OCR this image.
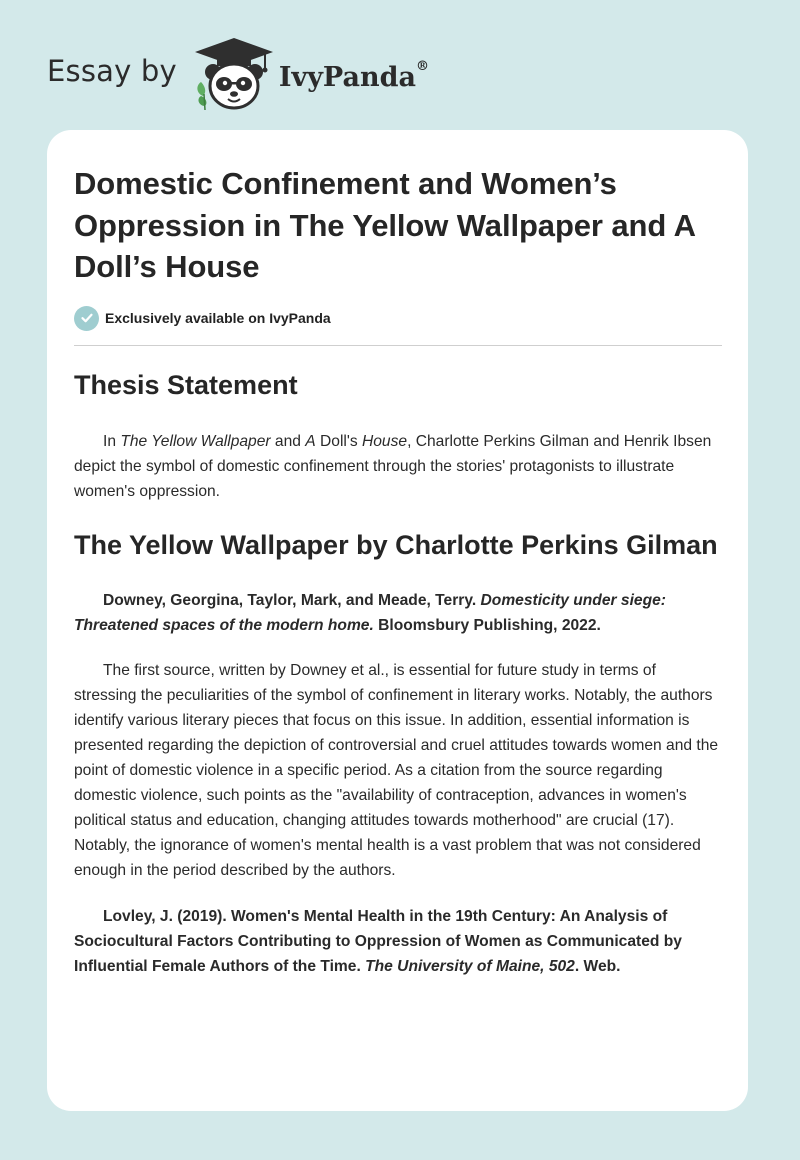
Essay by	IvyPanda®
Domestic Confinement and Women’s Oppression in The Yellow Wallpaper and A Doll’s House
Exclusively available on IvyPanda
Thesis Statement

In The Yellow Wallpaper and A Doll's House, Charlotte Perkins Gilman and Henrik Ibsen depict the symbol of domestic confinement through the stories' protagonists to illustrate women's oppression.

The Yellow Wallpaper by Charlotte Perkins Gilman

Downey, Georgina, Taylor, Mark, and Meade, Terry. Domesticity under siege: Threatened spaces of the modern home. Bloomsbury Publishing, 2022.

The first source, written by Downey et al., is essential for future study in terms of stressing the peculiarities of the symbol of confinement in literary works. Notably, the authors identify various literary pieces that focus on this issue. In addition, essential information is presented regarding the depiction of controversial and cruel attitudes towards women and the point of domestic violence in a specific period. As a citation from the source regarding domestic violence, such points as the "availability of contraception, advances in women's political status and education, changing attitudes towards motherhood" are crucial (17). Notably, the ignorance of women's mental health is a vast problem that was not considered enough in the period described by the authors.

Lovley, J. (2019). Women's Mental Health in the 19th Century: An Analysis of Sociocultural Factors Contributing to Oppression of Women as Communicated by Influential Female Authors of the Time. The University of Maine, 502. Web.
